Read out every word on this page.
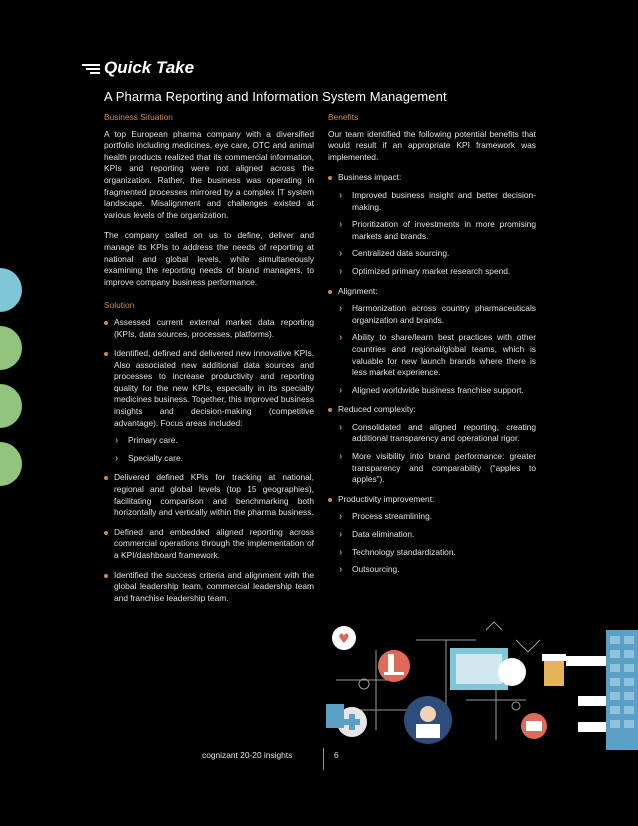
Quick Take
A Pharma Reporting and Information System Management
Business Situation

A top European pharma company with a diversified portfolio including medicines, eye care, OTC and animal health products realized that its commercial information, KPIs and reporting were not aligned across the organization. Rather, the business was operating in fragmented processes mirrored by a complex IT system landscape. Misalignment and challenges existed at various levels of the organization.

The company called on us to define, deliver and manage its KPIs to address the needs of reporting at national and global levels, while simultaneously examining the reporting needs of brand managers, to improve company business performance.

Solution
Assessed current external market data reporting (KPIs, data sources, processes, platforms).
Identified, defined and delivered new innovative KPIs. Also associated new additional data sources and processes to increase productivity and reporting quality for the new KPIs, especially in its specialty medicines business. Together, this improved business insights and decision-making (competitive advantage). Focus areas included:
› Primary care.
› Specialty care.
Delivered defined KPIs for tracking at national, regional and global levels (top 15 geographies), facilitating comparison and benchmarking both horizontally and vertically within the pharma business.
Defined and embedded aligned reporting across commercial operations through the implementation of a KPI/dashboard framework.
Identified the success criteria and alignment with the global leadership team, commercial leadership team and franchise leadership team.
Benefits

Our team identified the following potential benefits that would result if an appropriate KPI framework was implemented.

Business impact:
› Improved business insight and better decision-making.
› Prioritization of investments in more promising markets and brands.
› Centralized data sourcing.
› Optimized primary market research spend.
Alignment:
› Harmonization across country pharmaceuticals organization and brands.
› Ability to share/learn best practices with other countries and regional/global teams, which is valuable for new launch brands where there is less market experience.
› Aligned worldwide business franchise support.
Reduced complexity:
› Consolidated and aligned reporting, creating additional transparency and operational rigor.
› More visibility into brand performance: greater transparency and comparability (“apples to apples”).
Productivity improvement:
› Process streamlining.
› Data elimination.
› Technology standardization.
› Outsourcing.
♥
cognizant 20-20 insights	6
